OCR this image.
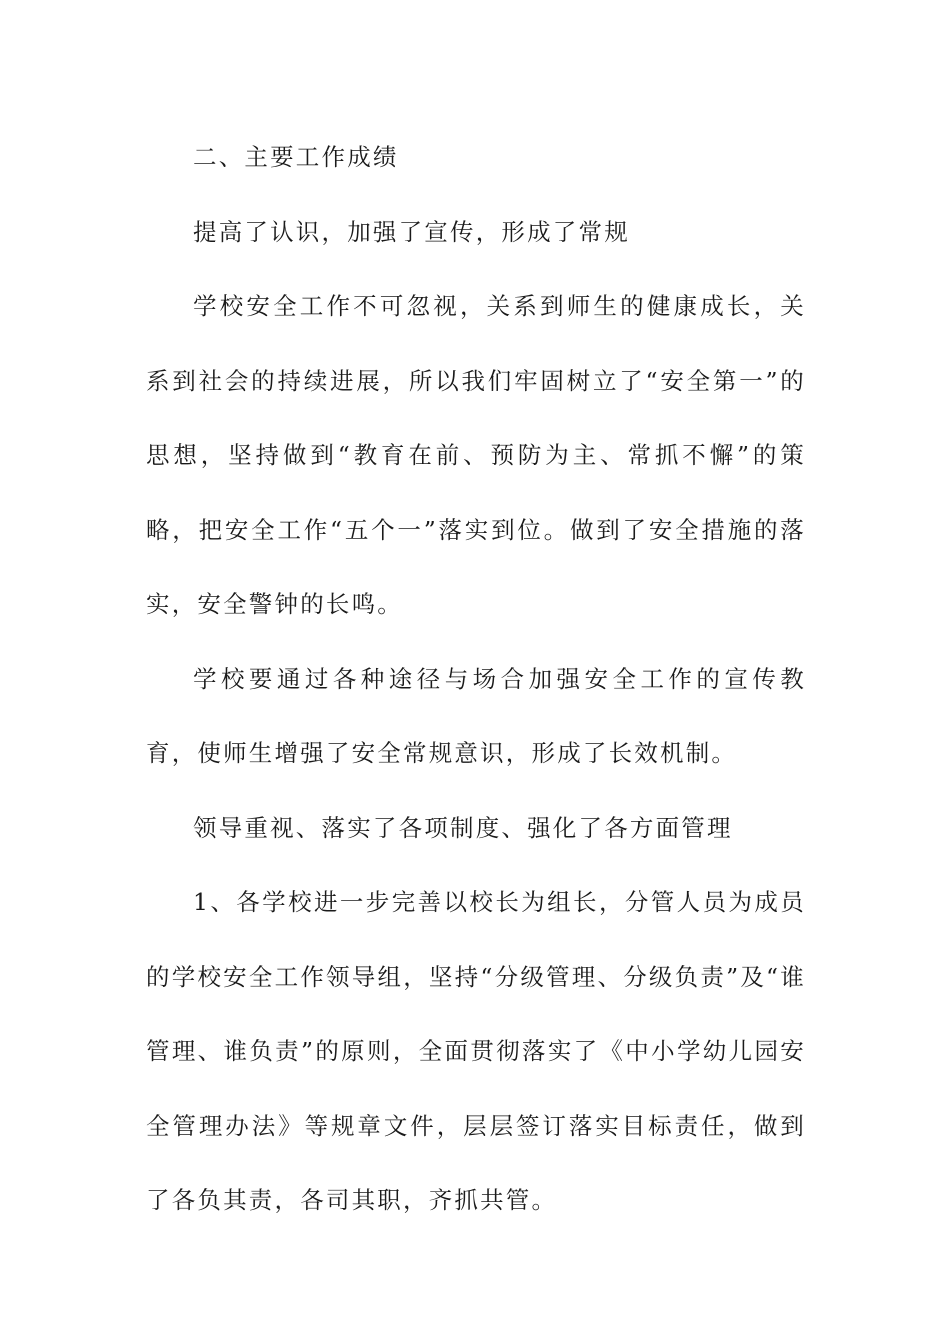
二、主要工作成绩

提高了认识，加强了宣传，形成了常规

学校安全工作不可忽视，关系到师生的健康成长，关系到社会的持续进展，所以我们牢固树立了“安全第一”的思想，坚持做到“教育在前、预防为主、常抓不懈”的策略，把安全工作“五个一”落实到位。做到了安全措施的落实，安全警钟的长鸣。

学校要通过各种途径与场合加强安全工作的宣传教育，使师生增强了安全常规意识，形成了长效机制。

领导重视、落实了各项制度、强化了各方面管理

1、各学校进一步完善以校长为组长，分管人员为成员的学校安全工作领导组，坚持“分级管理、分级负责”及“谁管理、谁负责”的原则，全面贯彻落实了《中小学幼儿园安全管理办法》等规章文件，层层签订落实目标责任，做到了各负其责，各司其职，齐抓共管。
